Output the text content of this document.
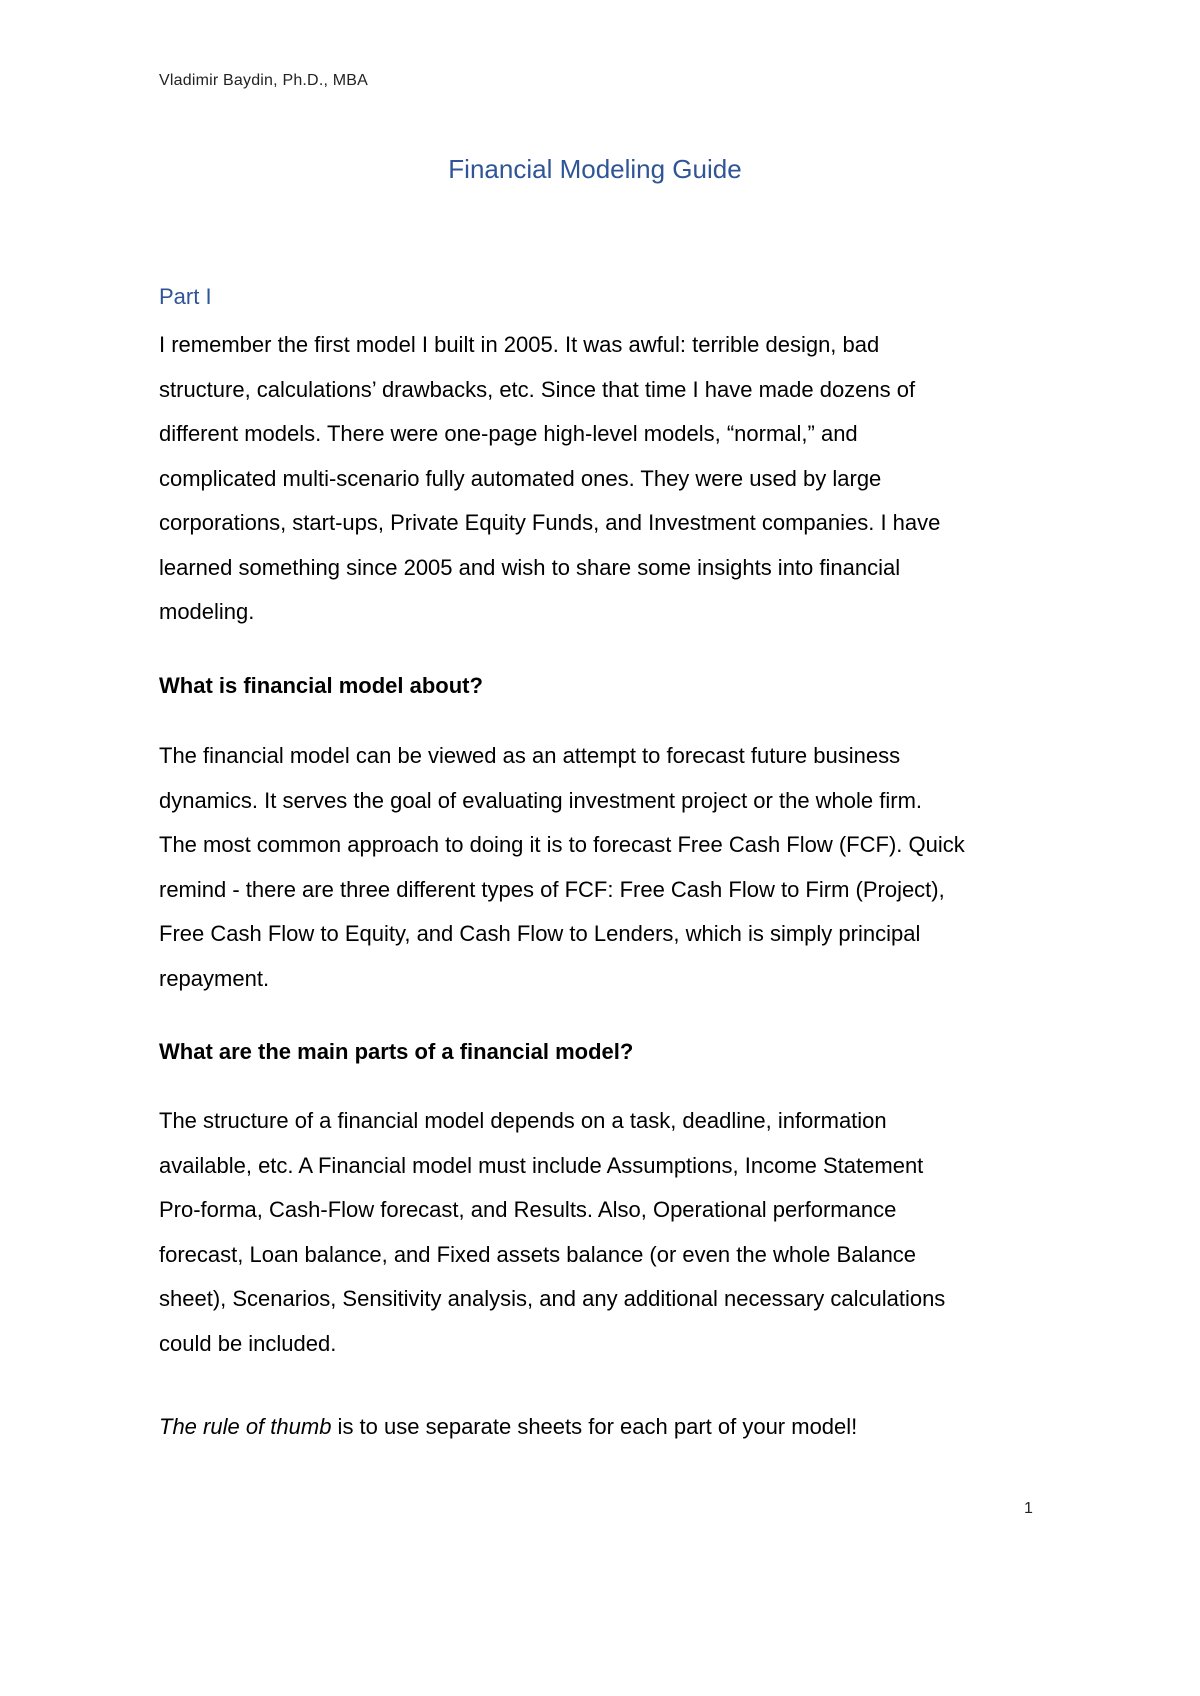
Vladimir Baydin, Ph.D., MBA
Financial Modeling Guide
Part I

I remember the first model I built in 2005. It was awful: terrible design, bad
structure, calculations’ drawbacks, etc. Since that time I have made dozens of
different models. There were one-page high-level models, “normal,” and
complicated multi-scenario fully automated ones. They were used by large
corporations, start-ups, Private Equity Funds, and Investment companies. I have
learned something since 2005 and wish to share some insights into financial
modeling.

What is financial model about?

The financial model can be viewed as an attempt to forecast future business
dynamics. It serves the goal of evaluating investment project or the whole firm.
The most common approach to doing it is to forecast Free Cash Flow (FCF). Quick
remind - there are three different types of FCF: Free Cash Flow to Firm (Project),
Free Cash Flow to Equity, and Cash Flow to Lenders, which is simply principal
repayment.

What are the main parts of a financial model?

The structure of a financial model depends on a task, deadline, information
available, etc. A Financial model must include Assumptions, Income Statement
Pro-forma, Cash-Flow forecast, and Results. Also, Operational performance
forecast, Loan balance, and Fixed assets balance (or even the whole Balance
sheet), Scenarios, Sensitivity analysis, and any additional necessary calculations
could be included.

The rule of thumb is to use separate sheets for each part of your model!
1
